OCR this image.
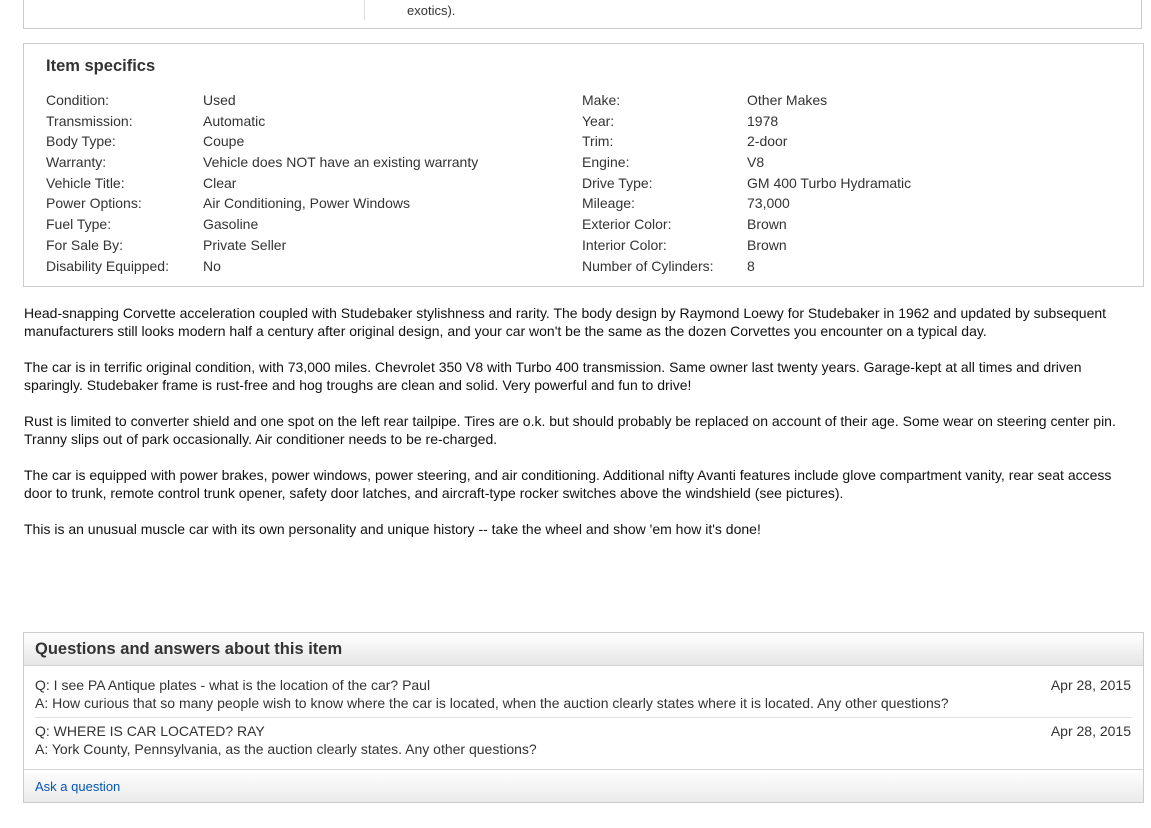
exotics).
Item specifics
Condition:	Used
Transmission:	Automatic
Body Type:	Coupe
Warranty:	Vehicle does NOT have an existing warranty
Vehicle Title:	Clear
Power Options:	Air Conditioning, Power Windows
Fuel Type:	Gasoline
For Sale By:	Private Seller
Disability Equipped: No
Make:	Other Makes
Year:	1978
Trim:	2-door
Engine:	V8
Drive Type:	GM 400 Turbo Hydramatic
Mileage:	73,000
Exterior Color:	Brown
Interior Color:	Brown
Number of Cylinders: 8

Head-snapping Corvette acceleration coupled with Studebaker stylishness and rarity. The body design by Raymond Loewy for Studebaker in 1962 and updated by subsequent manufacturers still looks modern half a century after original design, and your car won't be the same as the dozen Corvettes you encounter on a typical day.

The car is in terrific original condition, with 73,000 miles. Chevrolet 350 V8 with Turbo 400 transmission. Same owner last twenty years. Garage-kept at all times and driven sparingly. Studebaker frame is rust-free and hog troughs are clean and solid. Very powerful and fun to drive!

Rust is limited to converter shield and one spot on the left rear tailpipe. Tires are o.k. but should probably be replaced on account of their age. Some wear on steering center pin. Tranny slips out of park occasionally. Air conditioner needs to be re-charged.

The car is equipped with power brakes, power windows, power steering, and air conditioning. Additional nifty Avanti features include glove compartment vanity, rear seat access door to trunk, remote control trunk opener, safety door latches, and aircraft-type rocker switches above the windshield (see pictures).

This is an unusual muscle car with its own personality and unique history -- take the wheel and show 'em how it's done!

Questions and answers about this item
Q: I see PA Antique plates - what is the location of the car? Paul
A: How curious that so many people wish to know where the car is located, when the auction clearly states where it is located. Any other questions?
Apr 28, 2015
Q: WHERE IS CAR LOCATED? RAY
A: York County, Pennsylvania, as the auction clearly states. Any other questions?
Apr 28, 2015
Ask a question
